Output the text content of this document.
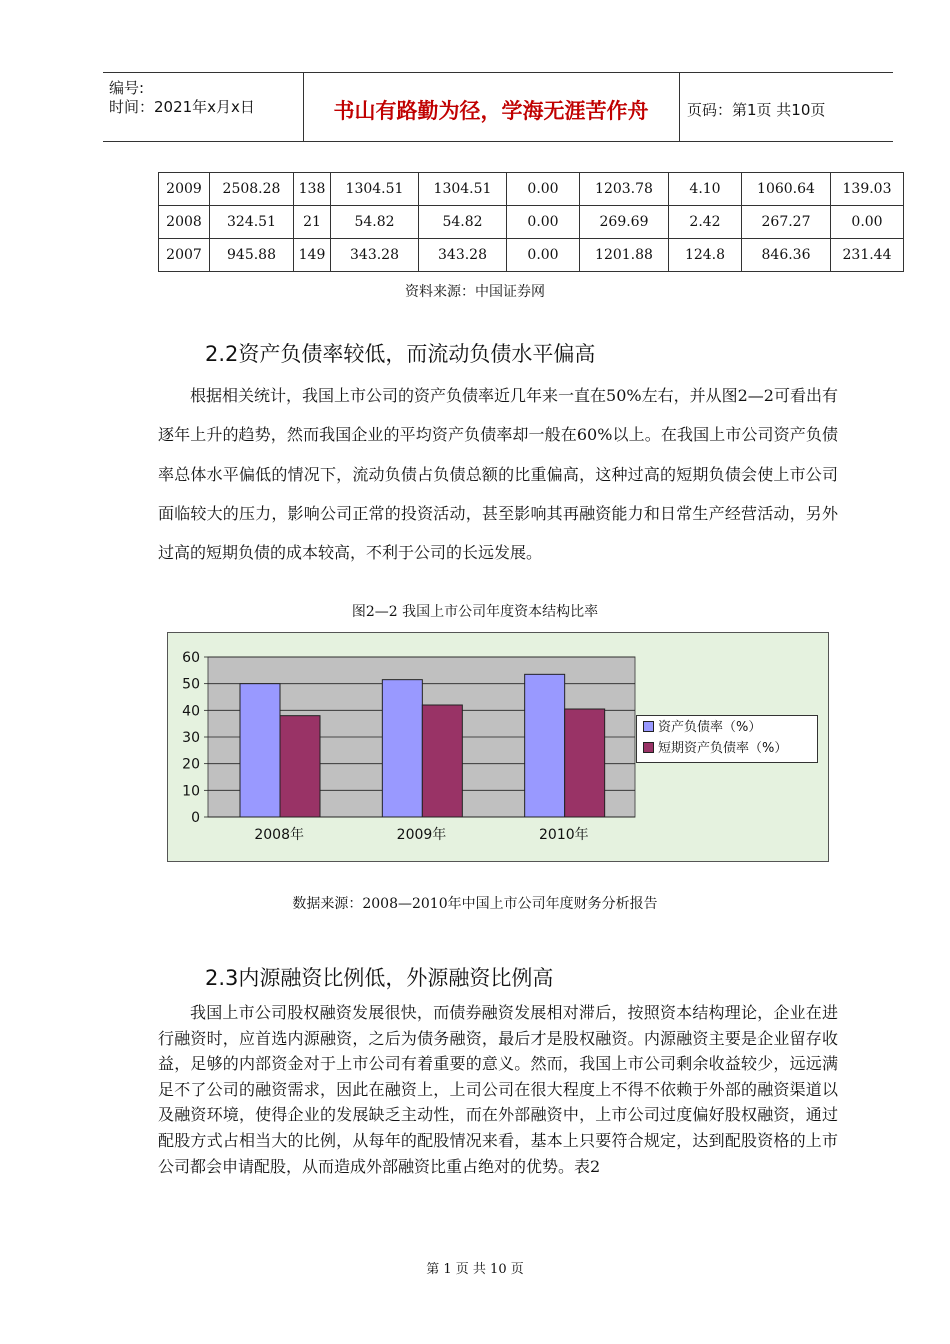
编号:
时间：2021年x月x日	书山有路勤为径，学海无涯苦作舟	页码：第1页 共10页
2009	2508.28	138	1304.51	1304.51	0.00	1203.78	4.10	1060.64	139.03
2008	324.51	21	54.82	54.82	0.00	269.69	2.42	267.27	0.00
2007	945.88	149	343.28	343.28	0.00	1201.88	124.8	846.36	231.44
资料来源：中国证券网
2.2资产负债率较低，而流动负债水平偏高
根据相关统计，我国上市公司的资产负债率近几年来一直在50%左右，并从图2—2可看出有逐年上升的趋势，然而我国企业的平均资产负债率却一般在60%以上。在我国上市公司资产负债率总体水平偏低的情况下，流动负债占负债总额的比重偏高，这种过高的短期负债会使上市公司面临较大的压力，影响公司正常的投资活动，甚至影响其再融资能力和日常生产经营活动，另外过高的短期负债的成本较高，不利于公司的长远发展。
图2—2 我国上市公司年度资本结构比率
0
10
20
30
40
50
60
2008年	2009年	2010年
资产负债率（%）
短期资产负债率（%）
数据来源：2008—2010年中国上市公司年度财务分析报告
2.3内源融资比例低，外源融资比例高
我国上市公司股权融资发展很快，而债券融资发展相对滞后，按照资本结构理论，企业在进行融资时，应首选内源融资，之后为债务融资，最后才是股权融资。内源融资主要是企业留存收益，足够的内部资金对于上市公司有着重要的意义。然而，我国上市公司剩余收益较少，远远满足不了公司的融资需求，因此在融资上，上司公司在很大程度上不得不依赖于外部的融资渠道以及融资环境，使得企业的发展缺乏主动性，而在外部融资中，上市公司过度偏好股权融资，通过配股方式占相当大的比例，从每年的配股情况来看，基本上只要符合规定，达到配股资格的上市公司都会申请配股，从而造成外部融资比重占绝对的优势。表2
第 1 页 共 10 页
